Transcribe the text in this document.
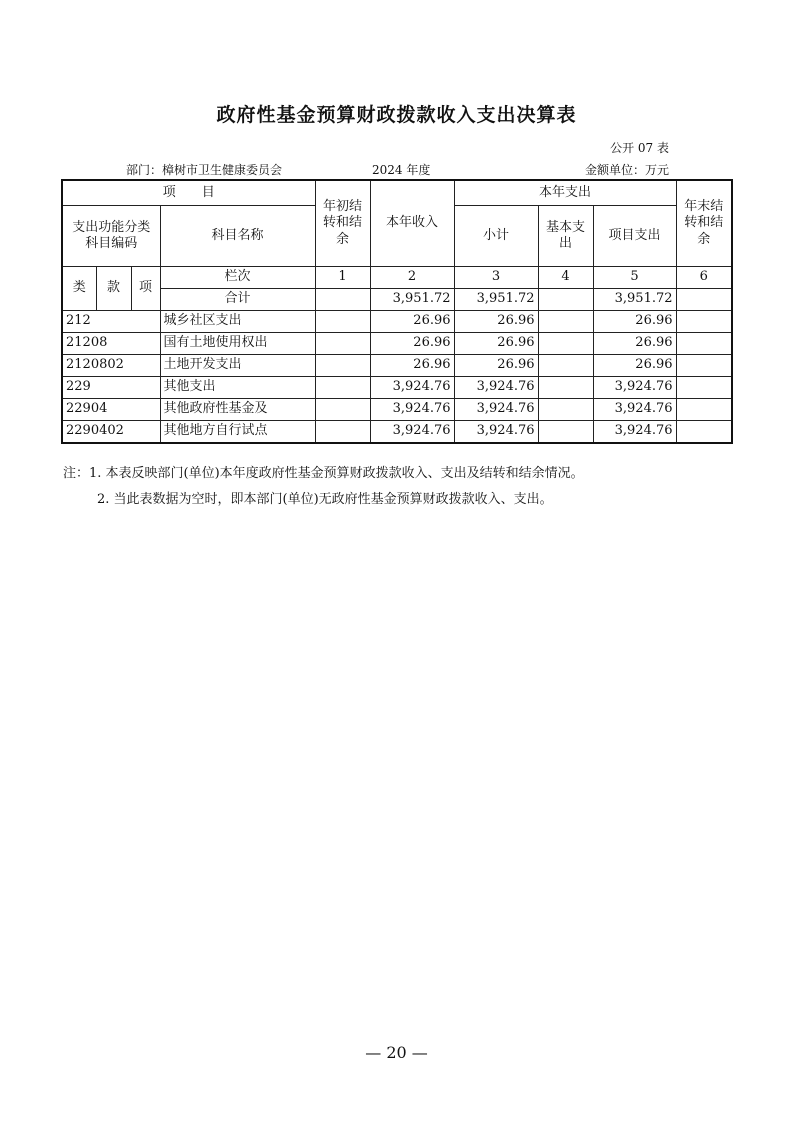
政府性基金预算财政拨款收入支出决算表
公开 07 表
部门：樟树市卫生健康委员会	2024 年度	金额单位：万元
项　　目				年初结转和结余	本年收入	本年支出			年末结转和结余
支出功能分类科目编码			科目名称			小计	基本支出	项目支出	
类	款	项	栏次	1	2	3	4	5	6
			合计		3,951.72	3,951.72		3,951.72	
212			城乡社区支出		26.96	26.96		26.96	
21208			国有土地使用权出		26.96	26.96		26.96	
2120802			土地开发支出		26.96	26.96		26.96	
229			其他支出		3,924.76	3,924.76		3,924.76	
22904			其他政府性基金及		3,924.76	3,924.76		3,924.76	
2290402			其他地方自行试点		3,924.76	3,924.76		3,924.76	
注：1. 本表反映部门(单位)本年度政府性基金预算财政拨款收入、支出及结转和结余情况。
2. 当此表数据为空时，即本部门(单位)无政府性基金预算财政拨款收入、支出。
— 20 —
